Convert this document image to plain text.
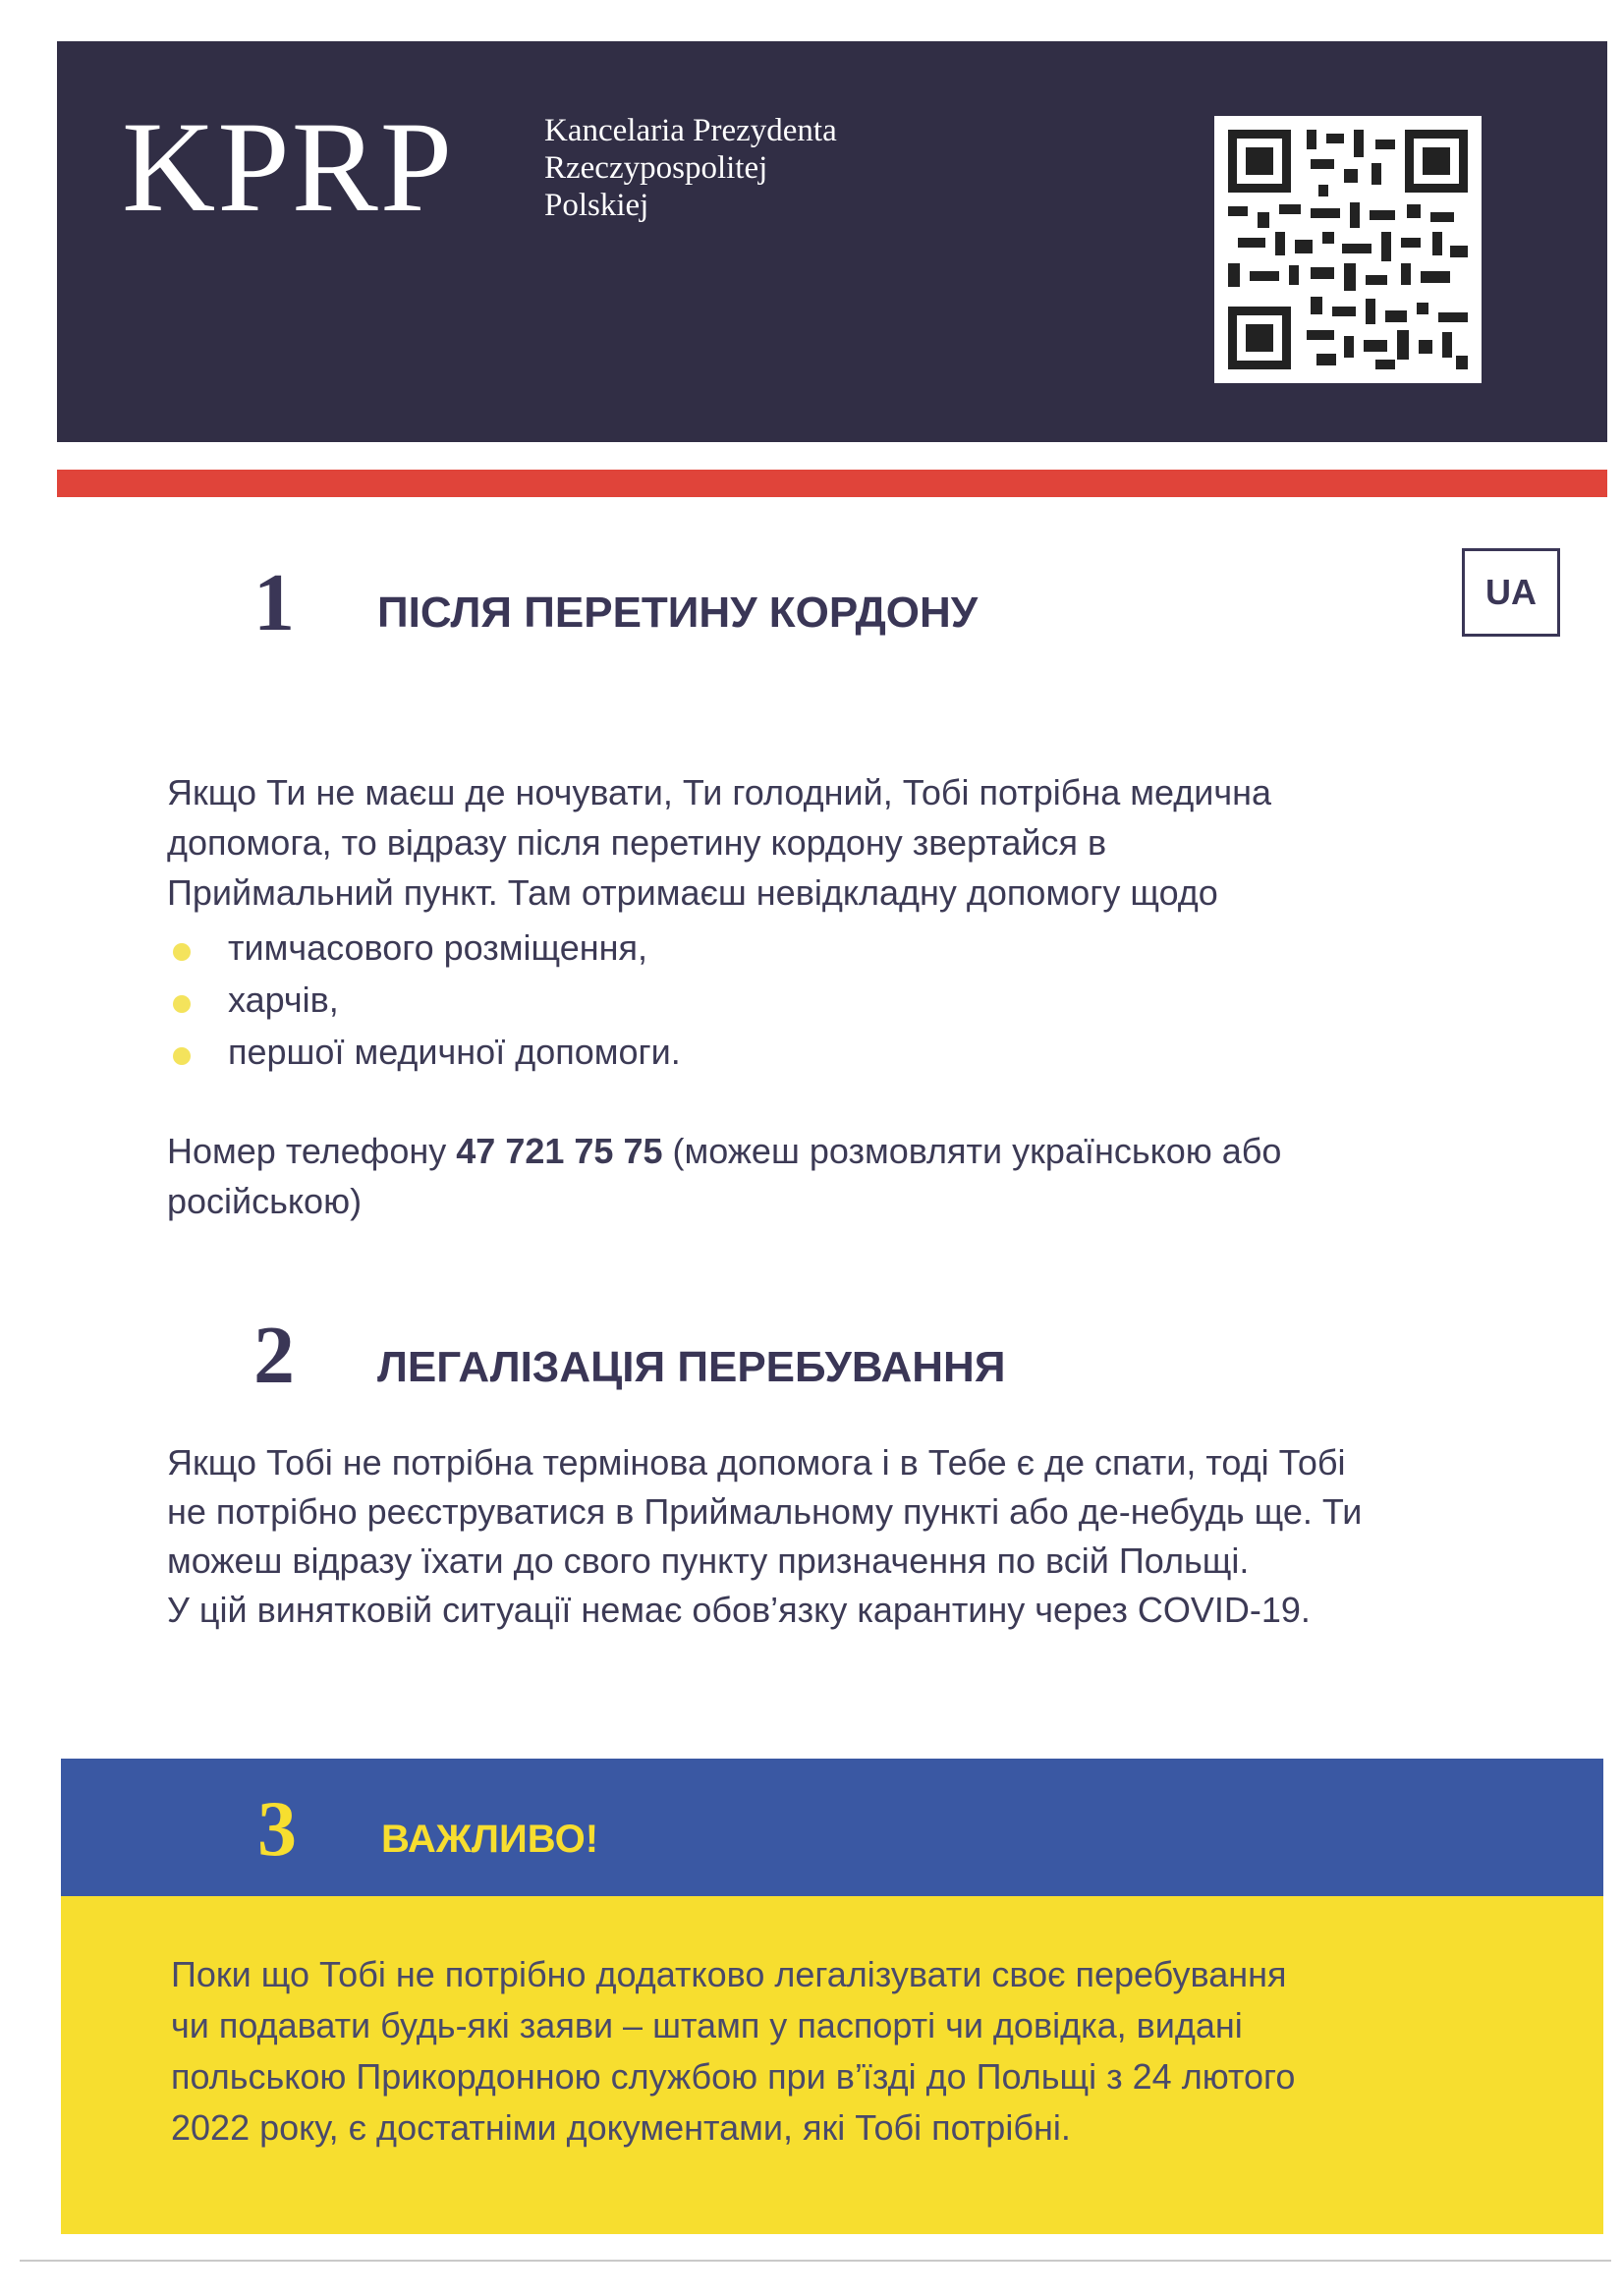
KPRP	Kancelaria Prezydenta
Rzeczypospolitej
Polskiej
1 ПІСЛЯ ПЕРЕТИНУ КОРДОНУ	UA
Якщо Ти не маєш де ночувати, Ти голодний, Тобі потрібна медична
допомога, то відразу після перетину кордону звертайся в
Приймальний пункт. Там отримаєш невідкладну допомогу щодо
тимчасового розміщення,
харчів,
першої медичної допомоги.
Номер телефону 47 721 75 75 (можеш розмовляти українською або
російською)
2 ЛЕГАЛІЗАЦІЯ ПЕРЕБУВАННЯ
Якщо Тобі не потрібна термінова допомога і в Тебе є де спати, тоді Тобі
не потрібно реєструватися в Приймальному пункті або де-небудь ще. Ти
можеш відразу їхати до свого пункту призначення по всій Польщі.
У цій винятковій ситуації немає обов’язку карантину через COVID-19.
3 ВАЖЛИВО!
Поки що Тобі не потрібно додатково легалізувати своє перебування
чи подавати будь-які заяви – штамп у паспорті чи довідка, видані
польською Прикордонною службою при в’їзді до Польщі з 24 лютого
2022 року, є достатніми документами, які Тобі потрібні.
